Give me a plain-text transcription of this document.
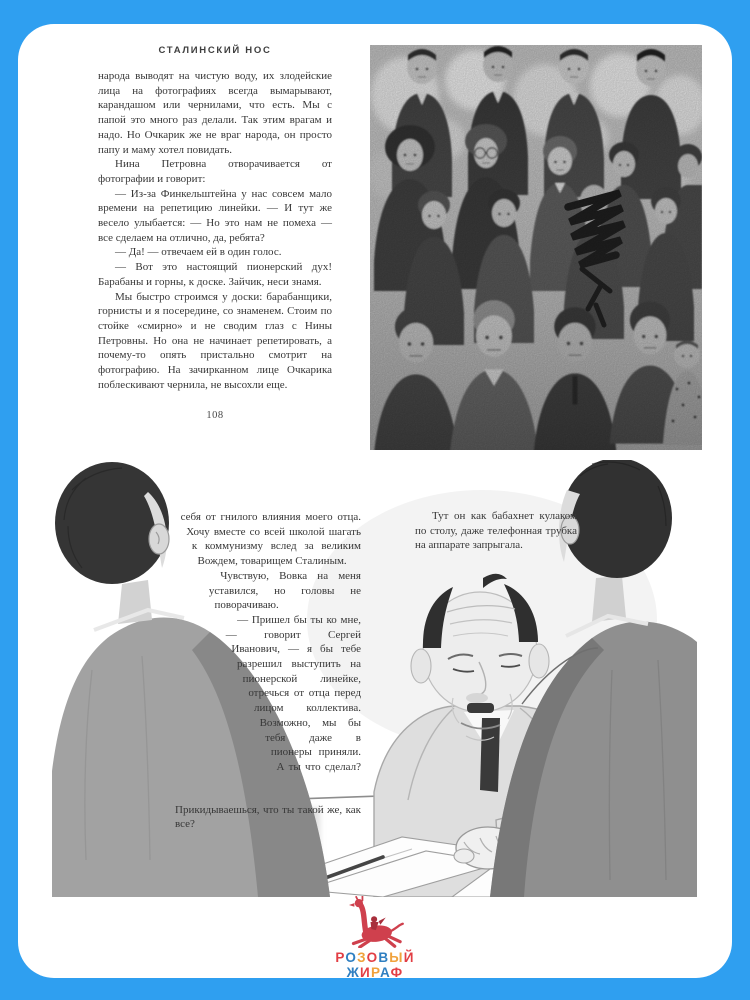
СТАЛИНСКИЙ НОС

народа выводят на чистую воду, их злодейские лица на фотографиях всегда вымарывают, карандашом или чернилами, что есть. Мы с папой это много раз делали. Так этим врагам и надо. Но Очкарик же не враг народа, он просто папу и маму хотел повидать.

Нина Петровна отворачивается от фотографии и говорит:

— Из-за Финкельштейна у нас совсем мало времени на репетицию линейки. — И тут же весело улыбается: — Но это нам не помеха — все сделаем на отлично, да, ребята?

— Да! — отвечаем ей в один голос.

— Вот это настоящий пионерский дух! Барабаны и горны, к доске. Зайчик, неси знамя.

Мы быстро строимся у доски: барабанщики, горнисты и я посередине, со знаменем. Стоим по стойке «смирно» и не сводим глаз с Нины Петровны. Но она не начинает репетировать, а почему-то опять пристально смотрит на фотографию. На зачирканном лице Очкарика поблескивают чернила, не высохли еще.

108

себя от гнилого влияния моего отца. Хочу вместе со всей школой шагать к коммунизму вслед за великим Вождем, товарищем Сталиным.

Чувствую, Вовка на меня уставился, но головы не поворачиваю.

— Пришел бы ты ко мне, — говорит Сергей Иванович, — я бы тебе разрешил выступить на пионерской линейке, отречься от отца перед лицом коллектива. Возможно, мы бы тебя даже в пионеры приняли. А ты что сделал? Прикидываешься, что ты такой же, как все?

Тут он как бабахнет кулаком по столу, даже телефонная трубка на аппарате запрыгала.

РОЗОВЫЙ
ЖИРАФ
